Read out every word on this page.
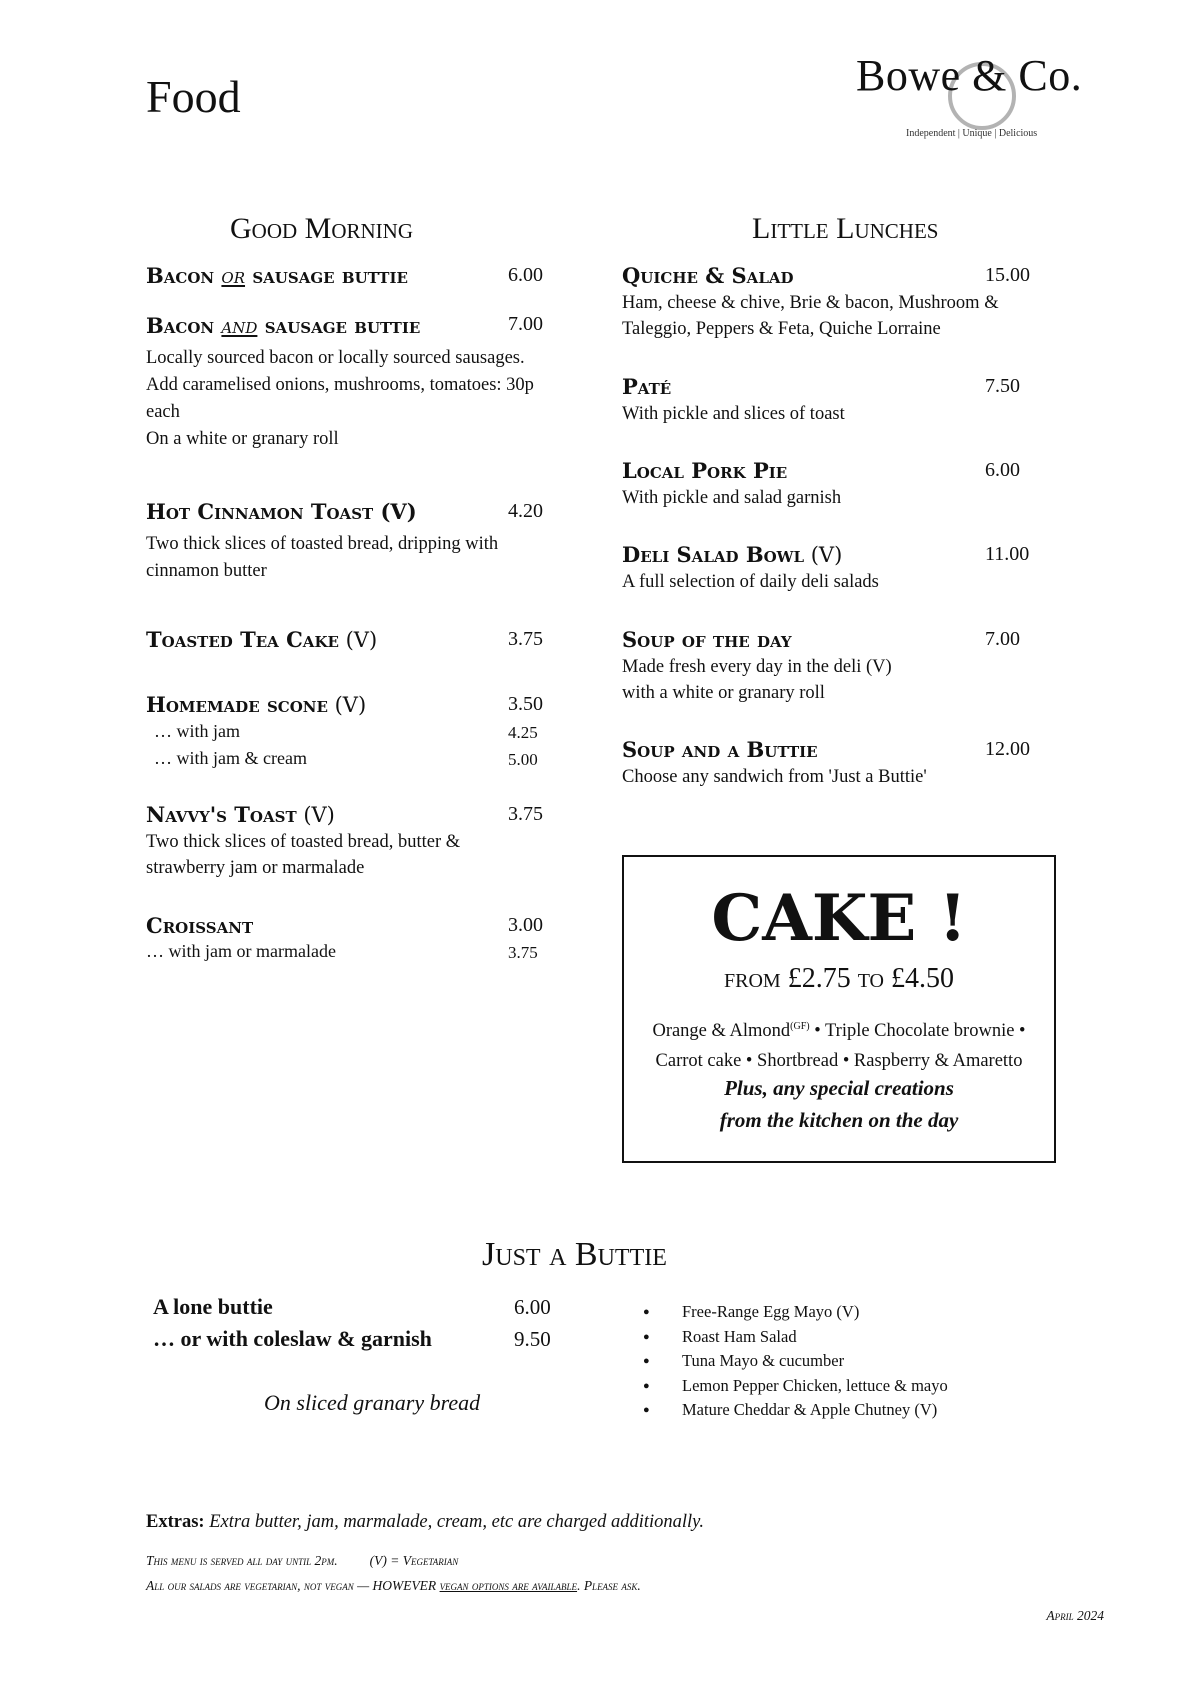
Food	Bowe & Co.
Independent | Unique | Delicious
Good Morning
Bacon or sausage buttie	6.00
Bacon and sausage buttie	7.00
Locally sourced bacon or locally sourced sausages.
Add caramelised onions, mushrooms, tomatoes: 30p
each
On a white or granary roll
Hot Cinnamon Toast (V)	4.20
Two thick slices of toasted bread, dripping with
cinnamon butter
Toasted Tea Cake (V)	3.75
Homemade scone (V)	3.50
… with jam	4.25
… with jam & cream	5.00
Navvy's Toast (V)	3.75
Two thick slices of toasted bread, butter &
strawberry jam or marmalade
Croissant	3.00
… with jam or marmalade	3.75
Little Lunches
Quiche & Salad	15.00
Ham, cheese & chive, Brie & bacon, Mushroom &
Taleggio, Peppers & Feta, Quiche Lorraine
Paté	7.50
With pickle and slices of toast
Local Pork Pie	6.00
With pickle and salad garnish
Deli Salad Bowl (V)	11.00
A full selection of daily deli salads
Soup of the day	7.00
Made fresh every day in the deli (V)
with a white or granary roll
Soup and a Buttie	12.00
Choose any sandwich from 'Just a Buttie'
CAKE !
from £2.75 to £4.50
Orange & Almond$^{(GF)}$ • Triple Chocolate brownie •
Carrot cake • Shortbread • Raspberry & Amaretto
Plus, any special creations
from the kitchen on the day
Just a Buttie
A lone buttie	6.00
… or with coleslaw & garnish	9.50
On sliced granary bread
● Free-Range Egg Mayo (V)
● Roast Ham Salad
● Tuna Mayo & cucumber
● Lemon Pepper Chicken, lettuce & mayo
● Mature Cheddar & Apple Chutney (V)
Extras: Extra butter, jam, marmalade, cream, etc are charged additionally.
This menu is served all day until 2pm. (V) = Vegetarian
All our salads are vegetarian, not vegan — HOWEVER vegan options are available. Please ask.
April 2024
